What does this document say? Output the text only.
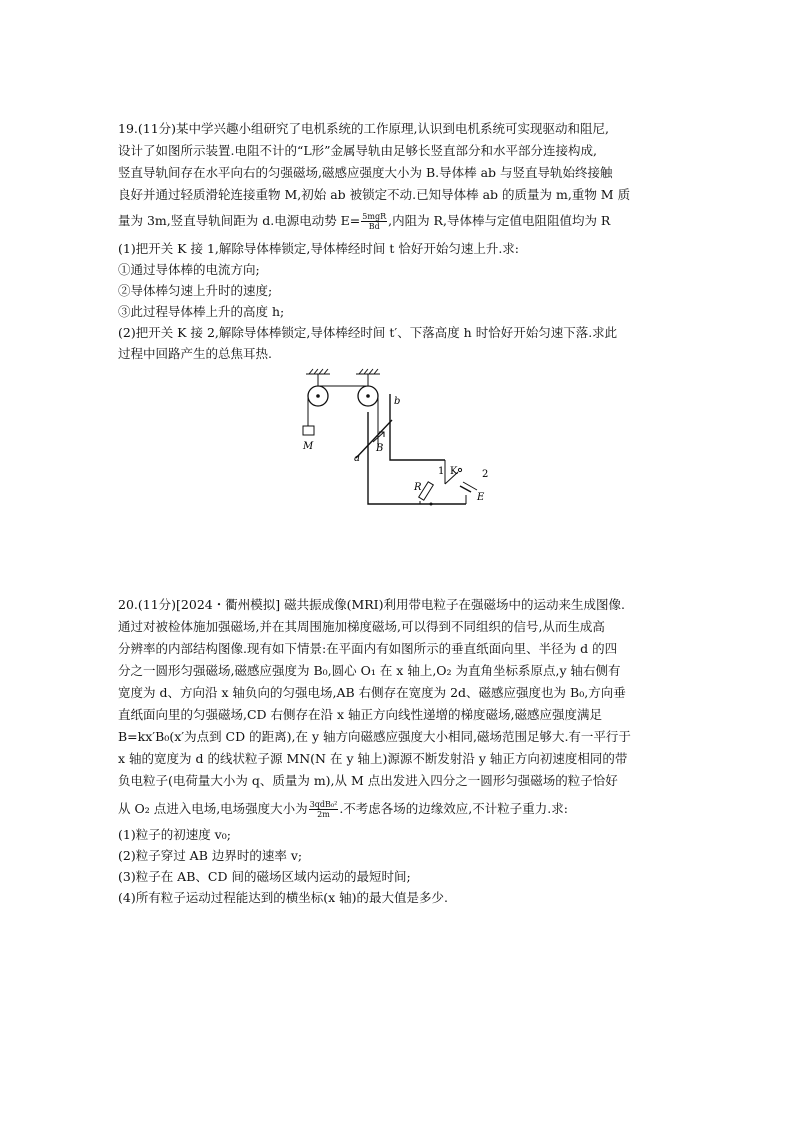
19.(11分)某中学兴趣小组研究了电机系统的工作原理,认识到电机系统可实现驱动和阻尼,

设计了如图所示装置.电阻不计的“L形”金属导轨由足够长竖直部分和水平部分连接构成,

竖直导轨间存在水平向右的匀强磁场,磁感应强度大小为 B.导体棒 ab 与竖直导轨始终接触

良好并通过轻质滑轮连接重物 M,初始 ab 被锁定不动.已知导体棒 ab 的质量为 m,重物 M 质

量为 3m,竖直导轨间距为 d.电源电动势 $E= \frac{\text{5mgR}}{Bd}$ ,内阻为 R,导体棒与定值电阻阻值均为 R

(1)把开关 K 接 1,解除导体棒锁定,导体棒经时间 t 恰好开始匀速上升.求:

①通过导体棒的电流方向;

②导体棒匀速上升时的速度;

③此过程导体棒上升的高度 h;

(2)把开关 K 接 2,解除导体棒锁定,导体棒经时间 t′、下落高度 h 时恰好开始匀速下落.求此

过程中回路产生的总焦耳热.

M	B
a
b
R
1 K 2
E

20.(11分)[2024・衢州模拟] 磁共振成像(MRI)利用带电粒子在强磁场中的运动来生成图像.

通过对被检体施加强磁场,并在其周围施加梯度磁场,可以得到不同组织的信号,从而生成高

分辨率的内部结构图像.现有如下情景:在平面内有如图所示的垂直纸面向里、半径为 d 的四

分之一圆形匀强磁场,磁感应强度为 B₀,圆心 O₁ 在 x 轴上,O₂ 为直角坐标系原点,y 轴右侧有

宽度为 d、方向沿 x 轴负向的匀强电场,AB 右侧存在宽度为 2d、磁感应强度也为 B₀,方向垂

直纸面向里的匀强磁场,CD 右侧存在沿 x 轴正方向线性递增的梯度磁场,磁感应强度满足

B=kx′B₀(x′为点到 CD 的距离),在 y 轴方向磁感应强度大小相同,磁场范围足够大.有一平行于

x 轴的宽度为 d 的线状粒子源 MN(N 在 y 轴上)源源不断发射沿 y 轴正方向初速度相同的带

负电粒子(电荷量大小为 q、质量为 m),从 M 点出发进入四分之一圆形匀强磁场的粒子恰好

从 O₂ 点进入电场,电场强度大小为 $\frac{\text{3qdB₀²}}{2m}$ .不考虑各场的边缘效应,不计粒子重力.求:

(1)粒子的初速度 v₀;

(2)粒子穿过 AB 边界时的速率 v;

(3)粒子在 AB、CD 间的磁场区域内运动的最短时间;

(4)所有粒子运动过程能达到的横坐标(x 轴)的最大值是多少.
